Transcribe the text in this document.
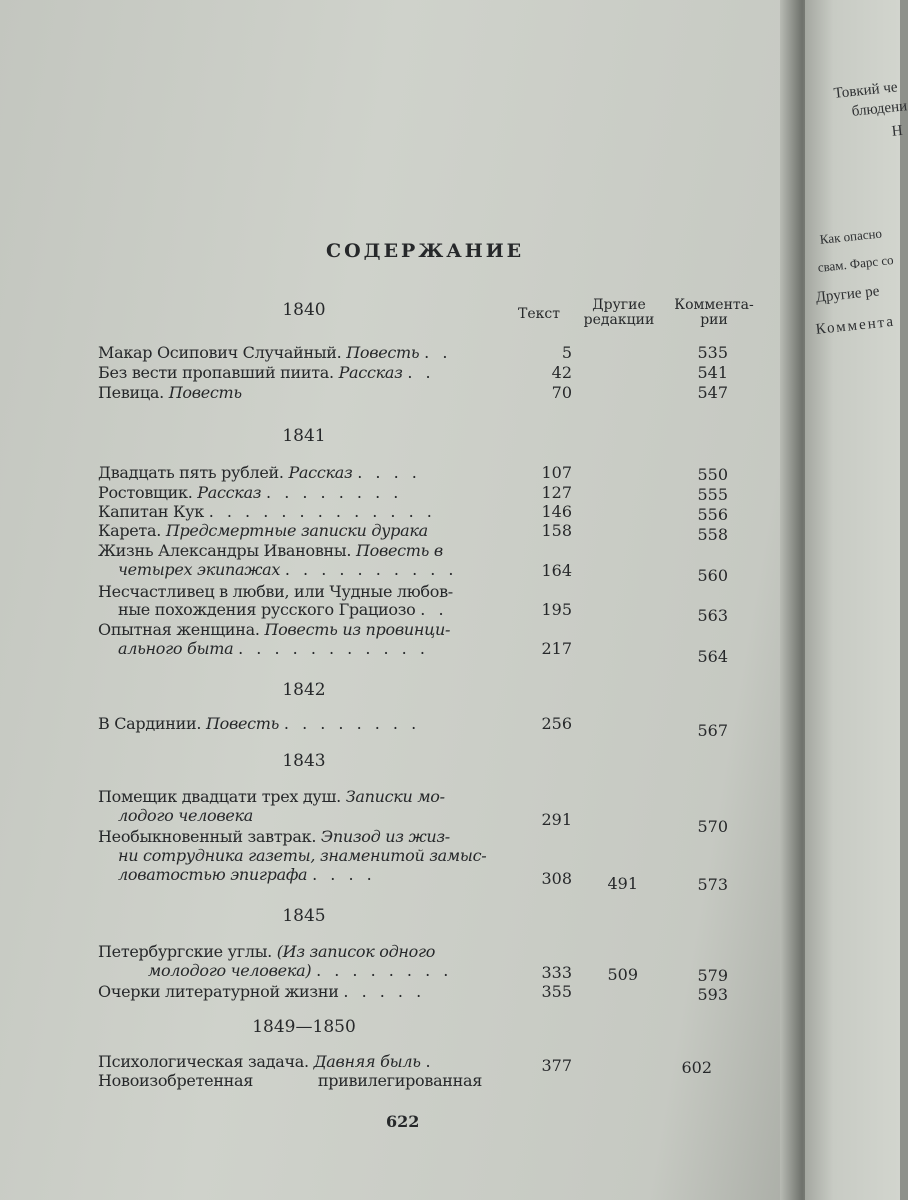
СОДЕРЖАНИЕ
Текст
Другие
редакции
Коммента-
рии
1840
Макар Осипович Случайный. Повесть . .	5	535
Без вести пропавший пиита. Рассказ . .	42	541
Певица. Повесть	70	547
1841
Двадцать пять рублей. Рассказ . . . .	107	550
Ростовщик. Рассказ . . . . . . . .	127	555
Капитан Кук . . . . . . . . . . . . .	146	556
Карета. Предсмертные записки дурака	158	558
Жизнь Александры Ивановны. Повесть в
четырех экипажах . . . . . . . . . .	164	560
Несчастливец в любви, или Чудные любов-
ные похождения русского Грациозо . .	195	563
Опытная женщина. Повесть из провинци-
ального быта . . . . . . . . . . .	217	564
1842
В Сардинии. Повесть . . . . . . . .	256	567
1843
Помещик двадцати трех душ. Записки мо-
лодого человека	291	570
Необыкновенный завтрак. Эпизод из жиз-
ни сотрудника газеты, знаменитой замыс-
ловатостью эпиграфа . . . .	308	491	573
1845
Петербургские углы. (Из записок одного
молодого человека) . . . . . . . .	333	509	579
Очерки литературной жизни . . . . .	355	593
1849—1850
Психологическая задача. Давняя быль .	377	602
Новоизобретенная привилегированная
622
Товкий че
блюдени
Н
Как опасно
свам. Фарс со
Другие ре
Коммента
